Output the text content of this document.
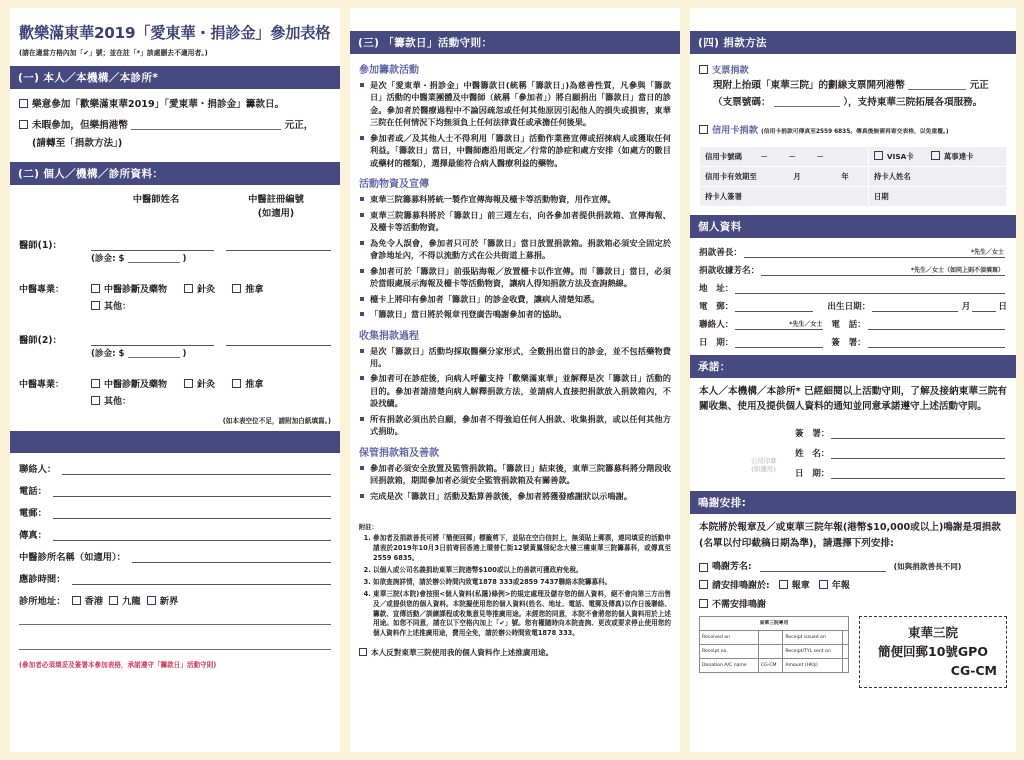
歡樂滿東華2019「愛東華・捐診金」參加表格
(請在適當方格內加「✔」號；並在註「*」該處刪去不適用者。)
(一) 本人／本機構／本診所*
樂意參加「歡樂滿東華2019」「愛東華・捐診金」籌款日。
未暇參加，但樂捐港幣	元正，
(請轉至「捐款方法」)
(二) 個人／機構／診所資料：
中醫師姓名	中醫註冊編號
(如適用)
醫師(1)：
(診金: $	)
中醫專業：	中醫診斷及藥物	針灸	推拿
其他：
醫師(2)：
(診金: $	)
中醫專業：	中醫診斷及藥物	針灸	推拿
其他：
(如本表空位不足，請附加白紙填寫。)

聯絡人：
電話：
電郵：
傳真：
中醫診所名稱（如適用）：
應診時間：
診所地址：	香港	九龍	新界
(參加者必須填妥及簽署本參加表格，承諾遵守「籌款日」活動守則)
(三) 「籌款日」活動守則：
參加籌款活動
是次「愛東華・捐診金」中醫籌款日(統稱「籌款日」)為慈善性質，凡參與「籌款日」活動的中醫業團體及中醫師（統稱「參加者」）將自願捐出「籌款日」當日的診金。參加者於醫療過程中不論因疏忽或任何其他原因引起他人的損失或損害，東華三院在任何情況下均無須負上任何法律責任或承擔任何後果。
參加者或／及其他人士不得利用「籌款日」活動作業務宣傳或招徠病人或獲取任何利益。「籌款日」當日，中醫師應沿用既定／行常的診症和處方安排（如處方的數目或藥材的種類），選擇最能符合病人醫療利益的藥物。
活動物資及宣傳
東華三院籌募科將統一製作宣傳海報及檯卡等活動物資，用作宣傳。
東華三院籌募科將於「籌款日」前三週左右，向各參加者提供捐款箱、宣傳海報、及檯卡等活動物資。
為免令人誤會，參加者只可於「籌款日」當日放置捐款箱。捐款箱必須安全固定於會診地址內，不得以流動方式在公共街道上募捐。
參加者可於「籌款日」前張貼海報／放置檯卡以作宣傳。而「籌款日」當日，必須於當眼處展示海報及檯卡等活動物資，讓病人得知捐款方法及查詢熱線。
檯卡上將印有參加者「籌款日」的診金收費，讓病人清楚知悉。
「籌款日」當日將於報章刊登廣告鳴謝參加者的協助。
收集捐款過程
是次「籌款日」活動均採取醫藥分家形式，全數捐出當日的診金，並不包括藥物費用。
參加者可在診症後，向病人呼籲支持「歡樂滿東華」並解釋是次「籌款日」活動的目的。參加者請清楚向病人解釋捐款方法，並請病人直接把捐款放入捐款箱內，不設找續。
所有捐款必須出於自願，參加者不得強迫任何人捐款、收集捐款，或以任何其他方式捐助。
保管捐款箱及善款
參加者必須安全放置及監管捐款箱。「籌款日」結束後，東華三院籌募科將分階段收回捐款箱，期間參加者必須安全監管捐款箱及有關善款。
完成是次「籌款日」活動及點算善款後，參加者將獲發感謝狀以示鳴謝。
附註：
1. 參加者及捐款善長可將「簡便回郵」標籤剪下，並貼在空白信封上，無須貼上郵票，連同填妥的活動申請表於2019年10月3日前寄回香港上環普仁街12號黃鳳翎紀念大樓三樓東華三院籌募科，或傳真至2559 6835。
2. 以個人或公司名義捐助東華三院港幣$100或以上的善款可獲政府免稅。
3. 如欲查詢詳情，請於辦公時間內致電1878 333或2859 7437聯絡本院籌募科。
4. 東華三院(本院)會按照<個人資料(私隱)條例>的規定處理及儲存您的個人資料，絕不會向第三方出售及／或提供您的個人資料。本院擬使用您的個人資料(姓名、地址、電話、電郵及傳真)以作日後聯絡、籌款、宣傳活動／訓練課程或收集意見等推廣用途。未經您的同意，本院不會將您的個人資料用於上述用途。如您不同意，請在以下空格內加上「✔」號。您有權隨時向本院查詢、更改或要求停止使用您的個人資料作上述推廣用途，費用全免，請於辦公時間致電1878 333。
本人反對東華三院使用我的個人資料作上述推廣用途。
(四) 捐款方法
支票捐款
現附上抬頭「東華三院」的劃線支票開列港幣	元正
（支票號碼：	），支持東華三院拓展各項服務。
信用卡捐款 (信用卡捐款可傳真至2559 6835。傳真後無需再寄交表格，以免重覆。)
信用卡號碼 － － －	VISA卡 萬事達卡
信用卡有效期至 月 年	持卡人姓名
持卡人簽署	日期
個人資料
捐款善長：	*先生／女士
捐款收據芳名：	*先生／女士（如同上則不須填寫）
地　址：
電　郵：	出生日期：	月	日
聯絡人：	*先生／女士 電　話：
日　期：	簽　署：
承諾：
本人／本機構／本診所* 已經細閱以上活動守則，了解及接納東華三院有關收集、使用及提供個人資料的通知並同意承諾遵守上述活動守則。
公司印章
(如適用)
簽　署：
姓　名：
日　期：
鳴謝安排:
本院將於報章及／或東華三院年報(港幣$10,000或以上)鳴謝是項捐款(名單以付印截稿日期為準)，請選擇下列安排:
鳴謝芳名:	(如與捐款善長不同)
請安排鳴謝於: 報章 年報
不需安排鳴謝
東華三院專用			
Received on		Receipt issued on	
Receipt no.		Receipt/TYL sent on	
Donation A/C name	CG-CM	Amount (HK$)	
東華三院
簡便回郵10號GPO
CG-CM
